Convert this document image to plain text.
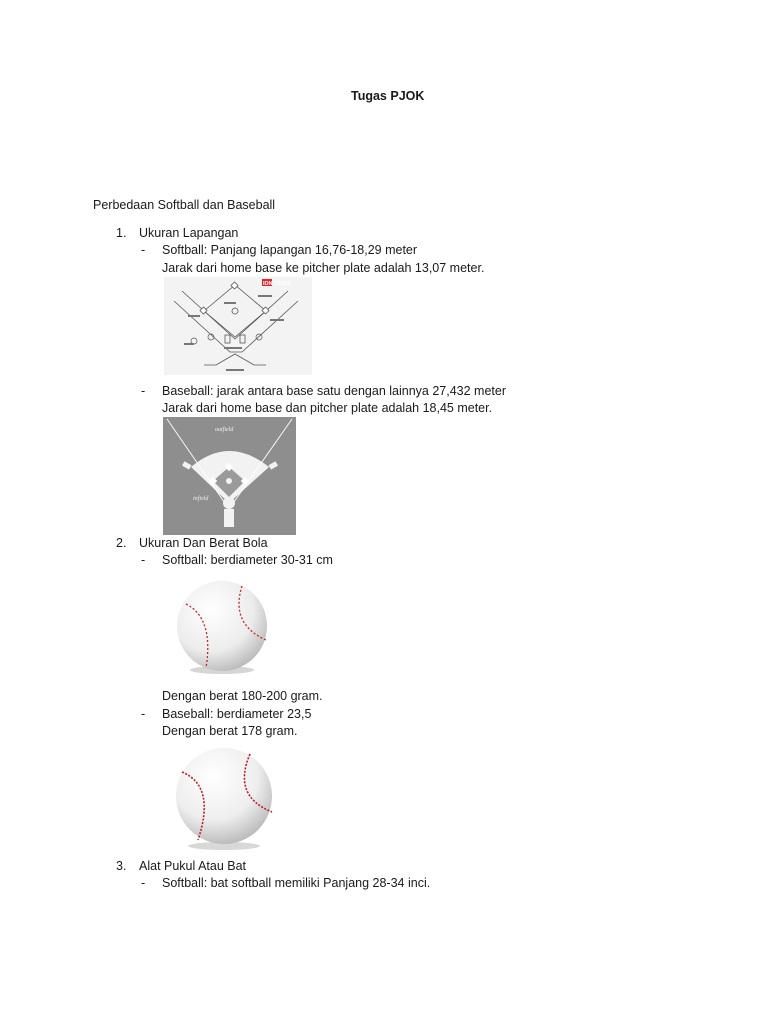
Tugas PJOK
Perbedaan Softball dan Baseball
1. Ukuran Lapangan
- Softball: Panjang lapangan 16,76-18,29 meter
Jarak dari home base ke pitcher plate adalah 13,07 meter.
IDN TIMES
- Baseball: jarak antara base satu dengan lainnya 27,432 meter
Jarak dari home base dan pitcher plate adalah 18,45 meter.
outfield
infield
2. Ukuran Dan Berat Bola
- Softball: berdiameter 30-31 cm
Dengan berat 180-200 gram.
- Baseball: berdiameter 23,5
Dengan berat 178 gram.
3. Alat Pukul Atau Bat
- Softball: bat softball memiliki Panjang 28-34 inci.
